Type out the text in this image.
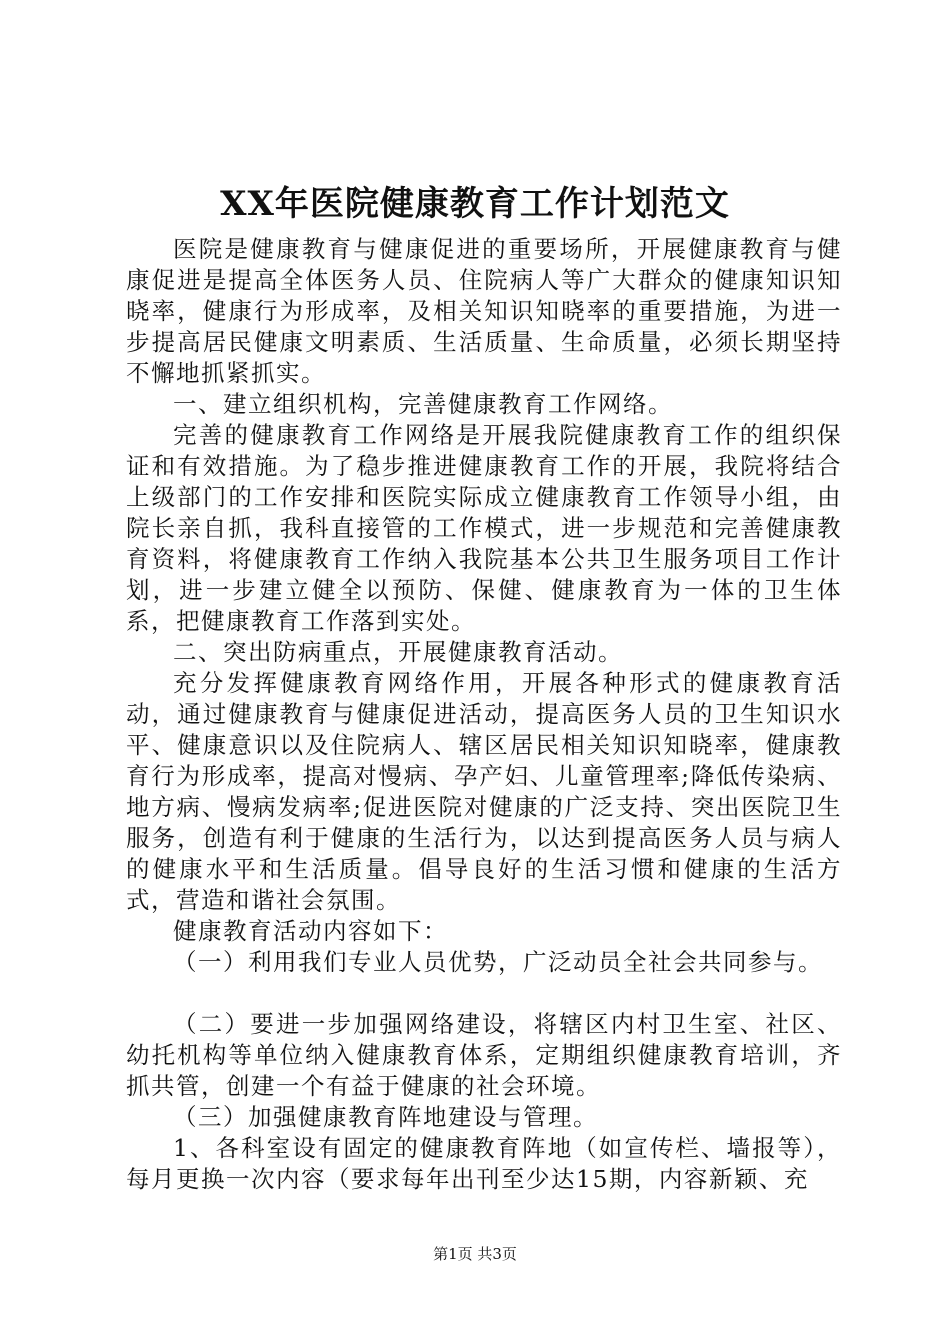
XX年医院健康教育工作计划范文

医院是健康教育与健康促进的重要场所，开展健康教育与健康促进是提高全体医务人员、住院病人等广大群众的健康知识知晓率，健康行为形成率，及相关知识知晓率的重要措施，为进一步提高居民健康文明素质、生活质量、生命质量，必须长期坚持不懈地抓紧抓实。

一、建立组织机构，完善健康教育工作网络。

完善的健康教育工作网络是开展我院健康教育工作的组织保证和有效措施。为了稳步推进健康教育工作的开展，我院将结合上级部门的工作安排和医院实际成立健康教育工作领导小组，由院长亲自抓，我科直接管的工作模式，进一步规范和完善健康教育资料，将健康教育工作纳入我院基本公共卫生服务项目工作计划，进一步建立健全以预防、保健、健康教育为一体的卫生体系，把健康教育工作落到实处。

二、突出防病重点，开展健康教育活动。

充分发挥健康教育网络作用，开展各种形式的健康教育活动，通过健康教育与健康促进活动，提高医务人员的卫生知识水平、健康意识以及住院病人、辖区居民相关知识知晓率，健康教育行为形成率，提高对慢病、孕产妇、儿童管理率;降低传染病、地方病、慢病发病率;促进医院对健康的广泛支持、突出医院卫生服务，创造有利于健康的生活行为，以达到提高医务人员与病人的健康水平和生活质量。倡导良好的生活习惯和健康的生活方式，营造和谐社会氛围。

健康教育活动内容如下：

（一）利用我们专业人员优势，广泛动员全社会共同参与。

（二）要进一步加强网络建设，将辖区内村卫生室、社区、幼托机构等单位纳入健康教育体系，定期组织健康教育培训，齐抓共管，创建一个有益于健康的社会环境。

（三）加强健康教育阵地建设与管理。

1、各科室设有固定的健康教育阵地（如宣传栏、墙报等），每月更换一次内容（要求每年出刊至少达15期，内容新颖、充

第1页 共3页
